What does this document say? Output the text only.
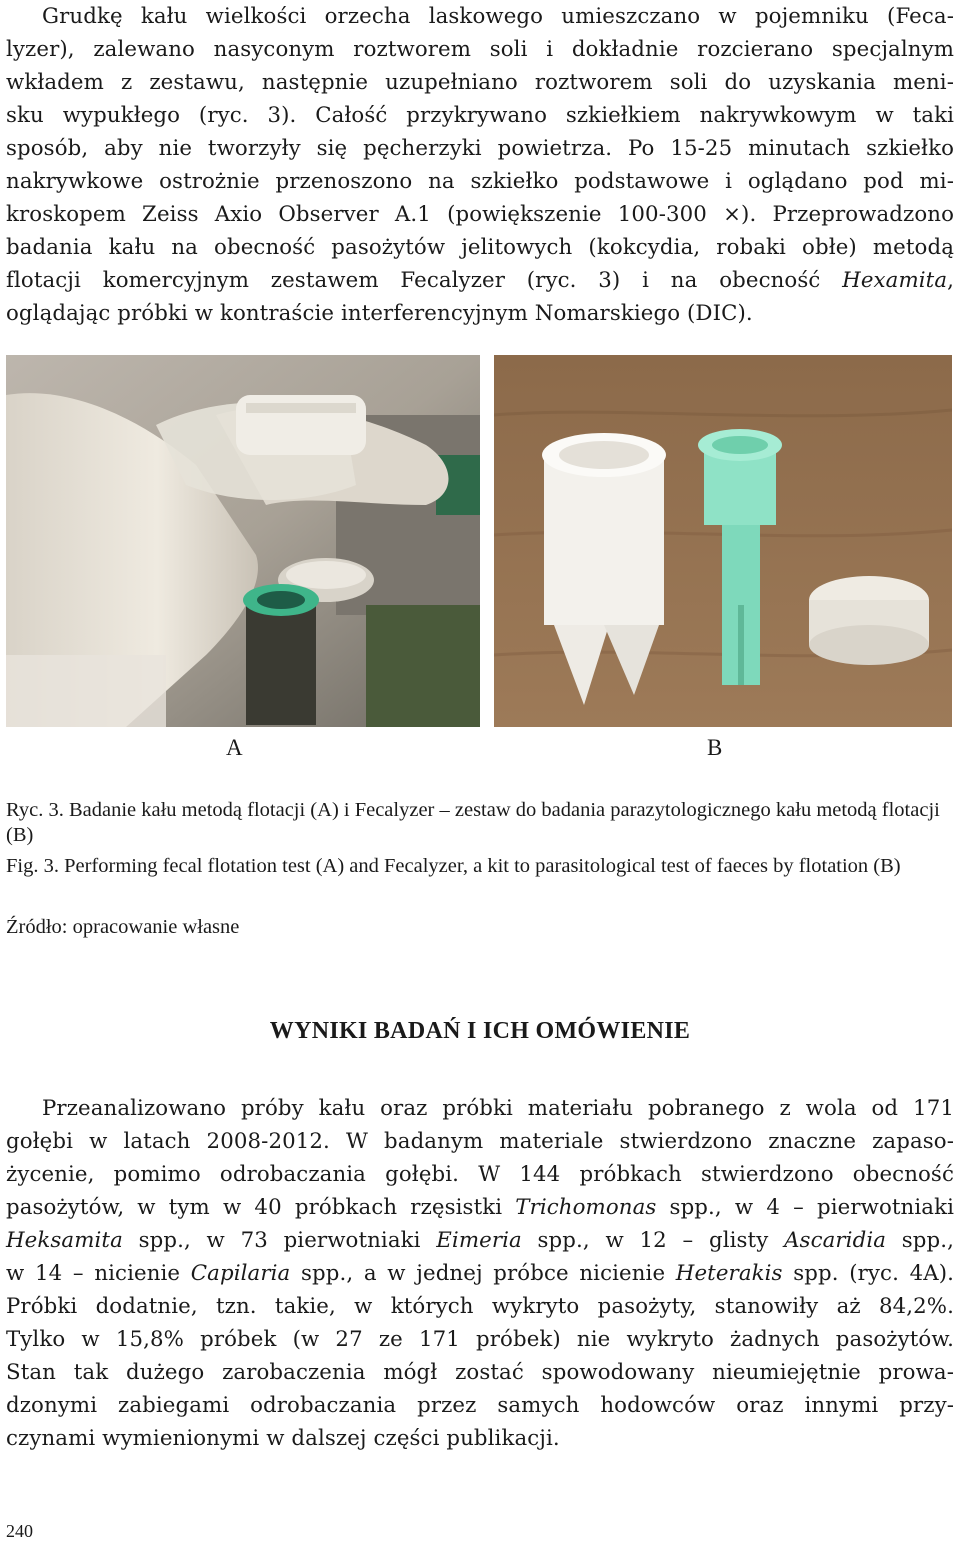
Grudkę kału wielkości orzecha laskowego umieszczano w pojemniku (Feca-
lyzer), zalewano nasyconym roztworem soli i dokładnie rozcierano specjalnym
wkładem z zestawu, następnie uzupełniano roztworem soli do uzyskania meni-
sku wypukłego (ryc. 3). Całość przykrywano szkiełkiem nakrywkowym w taki
sposób, aby nie tworzyły się pęcherzyki powietrza. Po 15-25 minutach szkiełko
nakrywkowe ostrożnie przenoszono na szkiełko podstawowe i oglądano pod mi-
kroskopem Zeiss Axio Observer A.1 (powiększenie 100-300 ×). Przeprowadzono
badania kału na obecność pasożytów jelitowych (kokcydia, robaki obłe) metodą
flotacji komercyjnym zestawem Fecalyzer (ryc. 3) i na obecność Hexamita,
oglądając próbki w kontraście interferencyjnym Nomarskiego (DIC).
A	B
Ryc. 3. Badanie kału metodą flotacji (A) i Fecalyzer – zestaw do badania parazytologicznego kału metodą flotacji (B)
Fig. 3. Performing fecal flotation test (A) and Fecalyzer, a kit to parasitological test of faeces by flotation (B)
Źródło: opracowanie własne
WYNIKI BADAŃ I ICH OMÓWIENIE
Przeanalizowano próby kału oraz próbki materiału pobranego z wola od 171
gołębi w latach 2008-2012. W badanym materiale stwierdzono znaczne zapaso-
życenie, pomimo odrobaczania gołębi. W 144 próbkach stwierdzono obecność
pasożytów, w tym w 40 próbkach rzęsistki Trichomonas spp., w 4 – pierwotniaki
Heksamita spp., w 73 pierwotniaki Eimeria spp., w 12 – glisty Ascaridia spp.,
w 14 – nicienie Capilaria spp., a w jednej próbce nicienie Heterakis spp. (ryc. 4A).
Próbki dodatnie, tzn. takie, w których wykryto pasożyty, stanowiły aż 84,2%.
Tylko w 15,8% próbek (w 27 ze 171 próbek) nie wykryto żadnych pasożytów.
Stan tak dużego zarobaczenia mógł zostać spowodowany nieumiejętnie prowa-
dzonymi zabiegami odrobaczania przez samych hodowców oraz innymi przy-
czynami wymienionymi w dalszej części publikacji.
240
